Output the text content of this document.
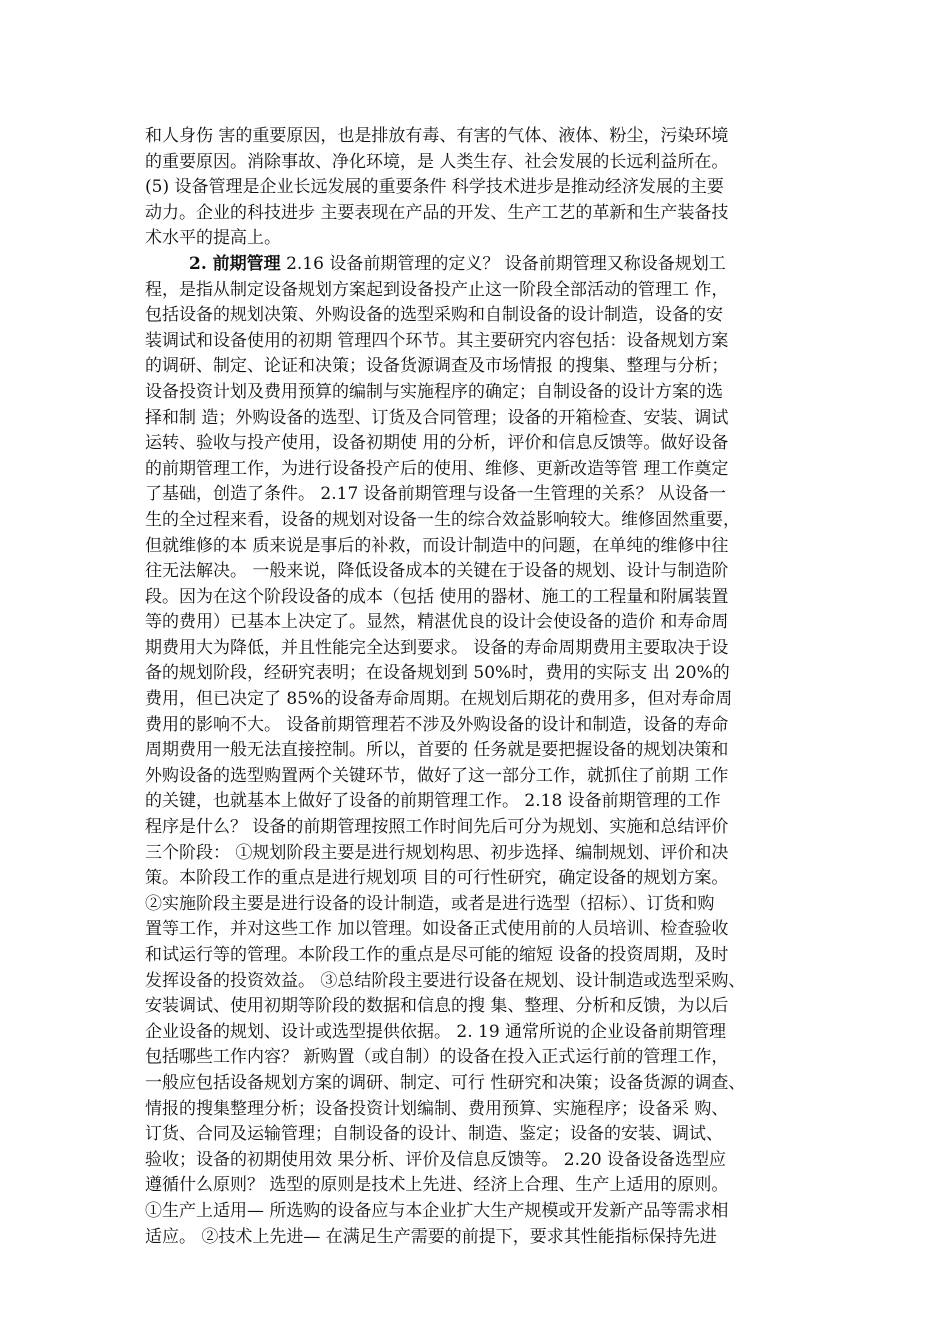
和人身伤 害的重要原因，也是排放有毒、有害的气体、液体、粉尘，污染环境
的重要原因。消除事故、净化环境，是 人类生存、社会发展的长远利益所在。
(5) 设备管理是企业长远发展的重要条件 科学技术进步是推动经济发展的主要
动力。企业的科技进步 主要表现在产品的开发、生产工艺的革新和生产装备技
术水平的提高上。
2. 前期管理 2.16 设备前期管理的定义？ 设备前期管理又称设备规划工
程，是指从制定设备规划方案起到设备投产止这一阶段全部活动的管理工 作，
包括设备的规划决策、外购设备的选型采购和自制设备的设计制造，设备的安
装调试和设备使用的初期 管理四个环节。其主要研究内容包括：设备规划方案
的调研、制定、论证和决策；设备货源调查及市场情报 的搜集、整理与分析；
设备投资计划及费用预算的编制与实施程序的确定；自制设备的设计方案的选
择和制 造；外购设备的选型、订货及合同管理；设备的开箱检查、安装、调试
运转、验收与投产使用，设备初期使 用的分析，评价和信息反馈等。做好设备
的前期管理工作，为进行设备投产后的使用、维修、更新改造等管 理工作奠定
了基础，创造了条件。 2.17 设备前期管理与设备一生管理的关系？ 从设备一
生的全过程来看，设备的规划对设备一生的综合效益影响较大。维修固然重要，
但就维修的本 质来说是事后的补救，而设计制造中的问题，在单纯的维修中往
往无法解决。 一般来说，降低设备成本的关键在于设备的规划、设计与制造阶
段。因为在这个阶段设备的成本（包括 使用的器材、施工的工程量和附属装置
等的费用）已基本上决定了。显然，精湛优良的设计会使设备的造价 和寿命周
期费用大为降低，并且性能完全达到要求。 设备的寿命周期费用主要取决于设
备的规划阶段，经研究表明；在设备规划到 50%时，费用的实际支 出 20%的
费用，但已决定了 85%的设备寿命周期。在规划后期花的费用多，但对寿命周
费用的影响不大。 设备前期管理若不涉及外购设备的设计和制造，设备的寿命
周期费用一般无法直接控制。所以，首要的 任务就是要把握设备的规划决策和
外购设备的选型购置两个关键环节，做好了这一部分工作，就抓住了前期 工作
的关键，也就基本上做好了设备的前期管理工作。 2.18 设备前期管理的工作
程序是什么？ 设备的前期管理按照工作时间先后可分为规划、实施和总结评价
三个阶段： ①规划阶段主要是进行规划构思、初步选择、编制规划、评价和决
策。本阶段工作的重点是进行规划项 目的可行性研究，确定设备的规划方案。
②实施阶段主要是进行设备的设计制造，或者是进行选型（招标）、订货和购
置等工作，并对这些工作 加以管理。如设备正式使用前的人员培训、检查验收
和试运行等的管理。本阶段工作的重点是尽可能的缩短 设备的投资周期，及时
发挥设备的投资效益。 ③总结阶段主要进行设备在规划、设计制造或选型采购、
安装调试、使用初期等阶段的数据和信息的搜 集、整理、分析和反馈，为以后
企业设备的规划、设计或选型提供依据。 2. 19 通常所说的企业设备前期管理
包括哪些工作内容？ 新购置（或自制）的设备在投入正式运行前的管理工作，
一般应包括设备规划方案的调研、制定、可行 性研究和决策；设备货源的调查、
情报的搜集整理分析；设备投资计划编制、费用预算、实施程序；设备采 购、
订货、合同及运输管理；自制设备的设计、制造、鉴定；设备的安装、调试、
验收；设备的初期使用效 果分析、评价及信息反馈等。 2.20 设备设备选型应
遵循什么原则？ 选型的原则是技术上先进、经济上合理、生产上适用的原则。
①生产上适用— 所选购的设备应与本企业扩大生产规模或开发新产品等需求相
适应。 ②技术上先进— 在满足生产需要的前提下，要求其性能指标保持先进
